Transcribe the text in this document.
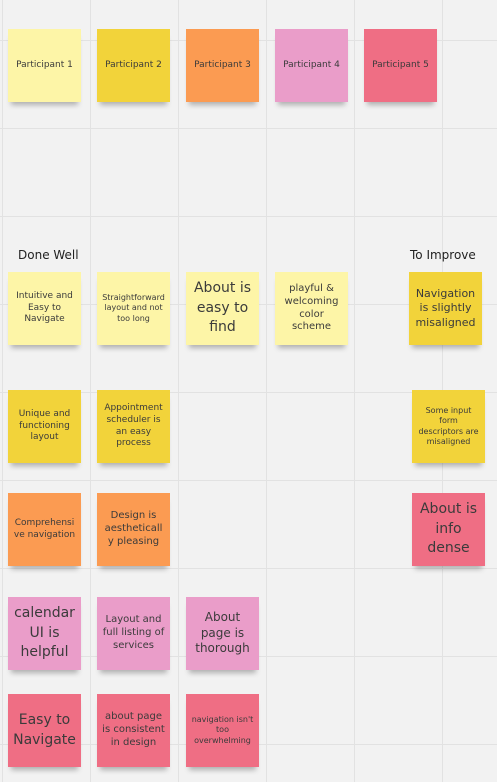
Participant 1	Participant 2	Participant 3	Participant 4	Participant 5
Done Well	To Improve
Intuitive and Easy to Navigate
Straightforward layout and not too long
About is easy to find
playful & welcoming color scheme
Navigation is slightly misaligned
Unique and functioning layout
Appointment scheduler is an easy process
Some input form descriptors are misaligned
Comprehensi ve navigation
Design is aesthetically pleasing
About is info dense
calendar UI is helpful
Layout and full listing of services
About page is thorough
Easy to Navigate
about page is consistent in design
navigation isn't too overwhelming
